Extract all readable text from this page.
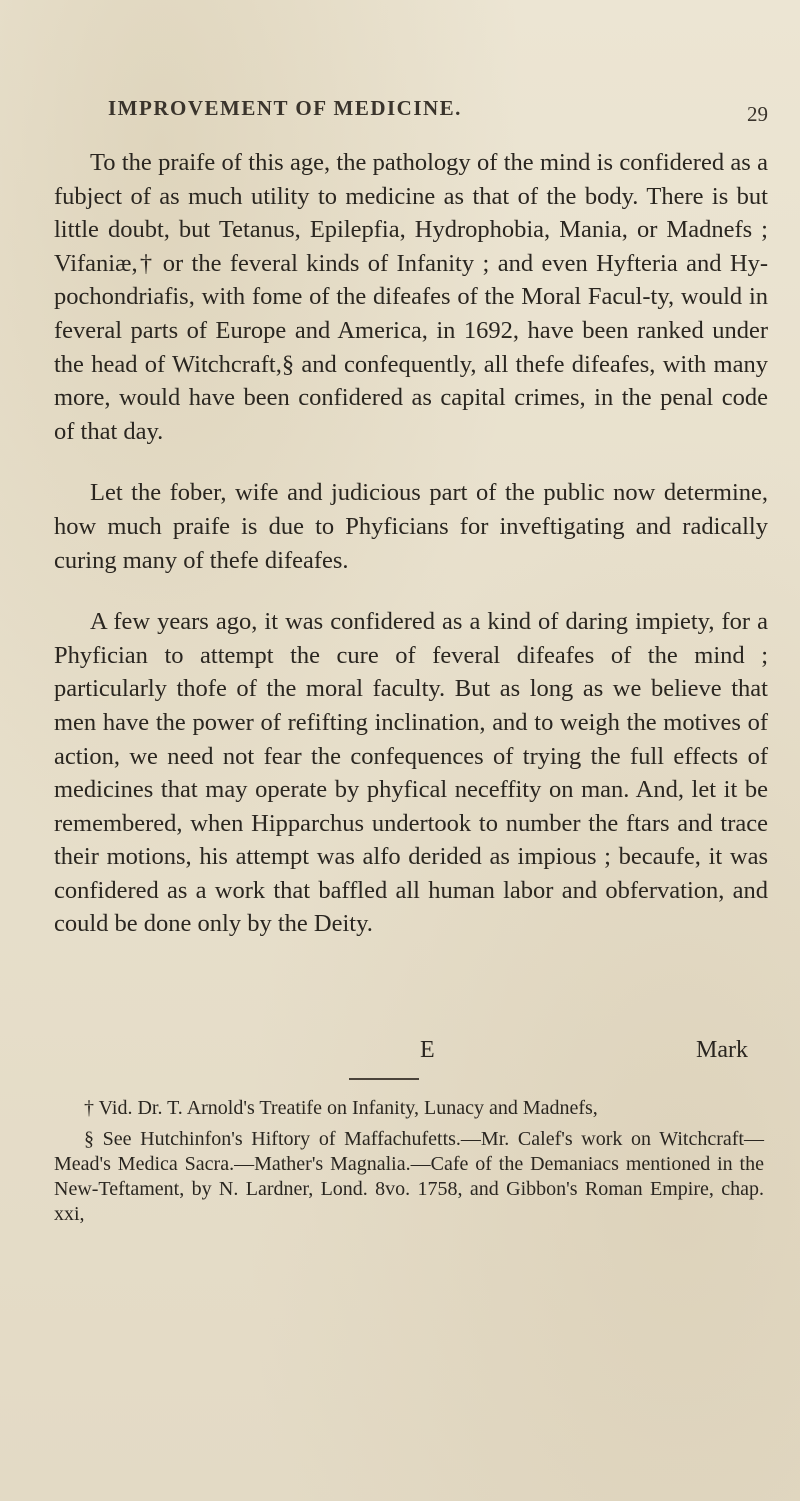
IMPROVEMENT OF MEDICINE.	29

To the praife of this age, the pathology of the mind is confidered as a fubject of as much utility to medicine as that of the body. There is but little doubt, but Tetanus, Epilepfia, Hydrophobia, Mania, or Madnefs ; Vifaniæ,† or the feveral kinds of Infanity ; and even Hyfteria and Hy-pochondriafis, with fome of the difeafes of the Moral Facul-ty, would in feveral parts of Europe and America, in 1692, have been ranked under the head of Witchcraft,§ and confequently, all thefe difeafes, with many more, would have been confidered as capital crimes, in the penal code of that day.

Let the fober, wife and judicious part of the public now determine, how much praife is due to Phyficians for inveftigating and radically curing many of thefe difeafes.

A few years ago, it was confidered as a kind of daring impiety, for a Phyfician to attempt the cure of feveral difeafes of the mind ; particularly thofe of the moral faculty. But as long as we believe that men have the power of refifting inclination, and to weigh the motives of action, we need not fear the confequences of trying the full effects of medicines that may operate by phyfical neceffity on man. And, let it be remembered, when Hipparchus undertook to number the ftars and trace their motions, his attempt was alfo derided as impious ; becaufe, it was confidered as a work that baffled all human labor and obfervation, and could be done only by the Deity.

E	Mark

† Vid. Dr. T. Arnold's Treatife on Infanity, Lunacy and Madnefs,

§ See Hutchinfon's Hiftory of Maffachufetts.—Mr. Calef's work on Witchcraft—Mead's Medica Sacra.—Mather's Magnalia.—Cafe of the Demaniacs mentioned in the New-Teftament, by N. Lardner, Lond. 8vo. 1758, and Gibbon's Roman Empire, chap. xxi,
